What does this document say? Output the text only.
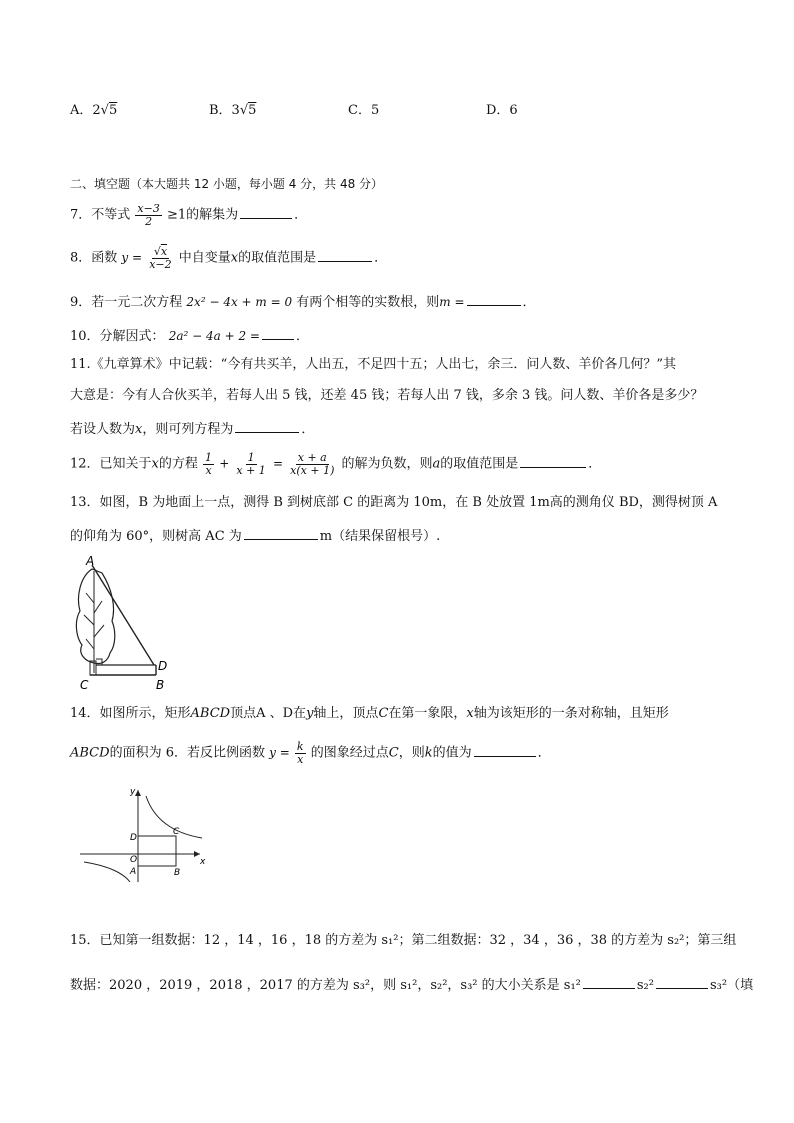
A．2√5	B．3√5	C．5	D．6
二、填空题（本大题共 12 小题，每小题 4 分，共 48 分）
7．不等式 $\frac{x-3}{2} \ge 1$的解集为	．
8．函数 $y = \frac{√x}{x-2}$ 中自变量x的取值范围是	．
9．若一元二次方程 2x² − 4x + m = 0 有两个相等的实数根，则m =	．
10．分解因式： 2a² − 4a + 2 =	．
11.《九章算术》中记载：“今有共买羊，人出五，不足四十五；人出七，余三．问人数、羊价各几何？”其
大意是：今有人合伙买羊，若每人出 5 钱，还差 45 钱；若每人出 7 钱，多余 3 钱。问人数、羊价各是多少？
若设人数为x，则可列方程为	．
12．已知关于x的方程 $\frac{1}{x} + \frac{1}{x + 1} = \frac{x + a}{x(x + 1)}$ 的解为负数，则a的取值范围是	．
13．如图，B 为地面上一点，测得 B 到树底部 C 的距离为 10m，在 B 处放置 1m高的测角仪 BD，测得树顶 A
的仰角为 60°，则树高 AC 为	m（结果保留根号）.
A
C
D
B
14．如图所示，矩形ABCD顶点A 、D在y轴上，顶点C在第一象限，x轴为该矩形的一条对称轴，且矩形
ABCD的面积为 6．若反比例函数 $y = \frac{k}{x}$ 的图象经过点C，则k的值为	．
y
x
D
C
O
A	B
15．已知第一组数据：12 ，14 ，16 ，18 的方差为 s₁²；第二组数据：32 ，34 ，36 ，38 的方差为 s₂²；第三组
数据：2020 ，2019 ，2018 ，2017 的方差为 s₃²，则 s₁²，s₂²，s₃² 的大小关系是 s₁²	s₂²	s₃²（填
